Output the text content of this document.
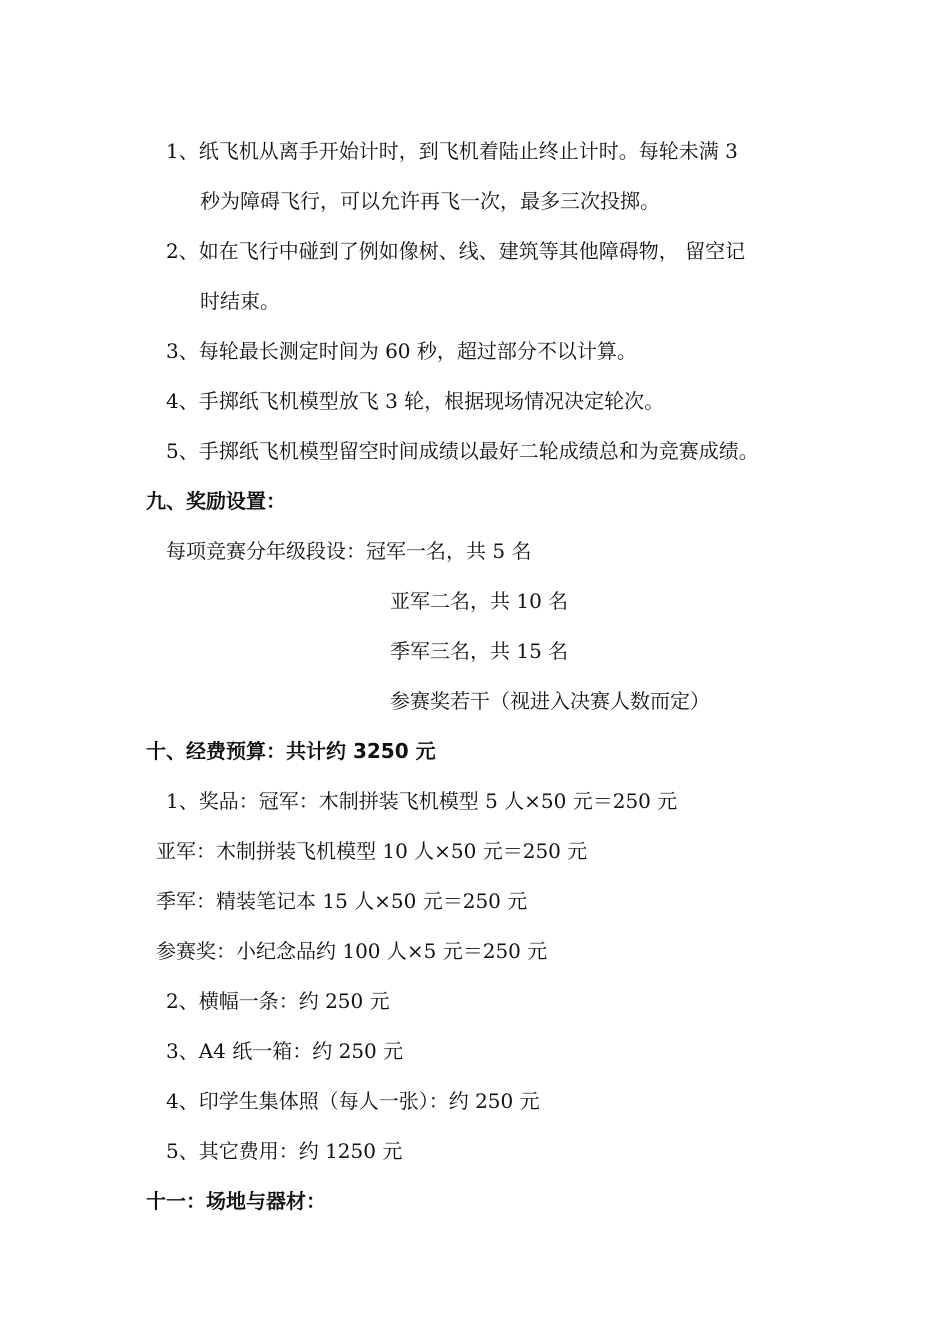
1、纸飞机从离手开始计时，到飞机着陆止终止计时。每轮未满 3
秒为障碍飞行，可以允许再飞一次，最多三次投掷。
2、如在飞行中碰到了例如像树、线、建筑等其他障碍物， 留空记
时结束。
3、每轮最长测定时间为 60 秒，超过部分不以计算。
4、手掷纸飞机模型放飞 3 轮，根据现场情况决定轮次。
5、手掷纸飞机模型留空时间成绩以最好二轮成绩总和为竞赛成绩。
九、奖励设置：
每项竞赛分年级段设：冠军一名，共 5 名
亚军二名，共 10 名
季军三名，共 15 名
参赛奖若干（视进入决赛人数而定）
十、经费预算：共计约 3250 元
1、奖品：冠军：木制拼装飞机模型 5 人×50 元＝250 元
亚军：木制拼装飞机模型 10 人×50 元＝250 元
季军：精装笔记本 15 人×50 元＝250 元
参赛奖：小纪念品约 100 人×5 元＝250 元
2、横幅一条：约 250 元
3、A4 纸一箱：约 250 元
4、印学生集体照（每人一张）：约 250 元
5、其它费用：约 1250 元
十一：场地与器材：
